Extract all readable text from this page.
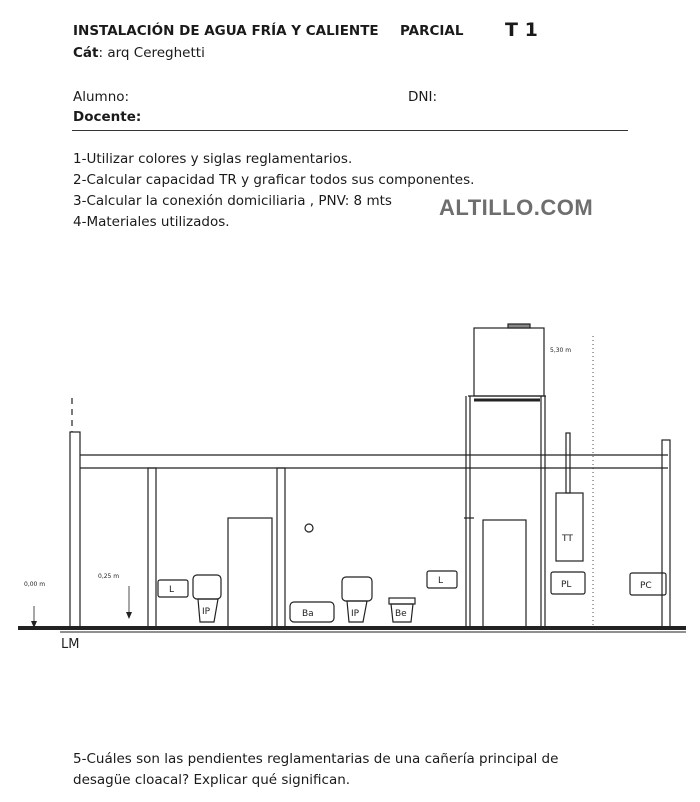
INSTALACIÓN DE AGUA FRÍA Y CALIENTE PARCIAL T 1
Cát: arq Cereghetti
Alumno:	DNI:
Docente:
1-Utilizar colores y siglas reglamentarios.
2-Calcular capacidad TR y graficar todos sus componentes.
3-Calcular la conexión domiciliaria , PNV: 8 mts
4-Materiales utilizados.
ALTILLO.COM
5,30 m
0,00 m
0,25 m
LM
L
IP	Ba	IP	Be
L
TT
PL	PC
5-Cuáles son las pendientes reglamentarias de una cañería principal de
desagüe cloacal? Explicar qué significan.
